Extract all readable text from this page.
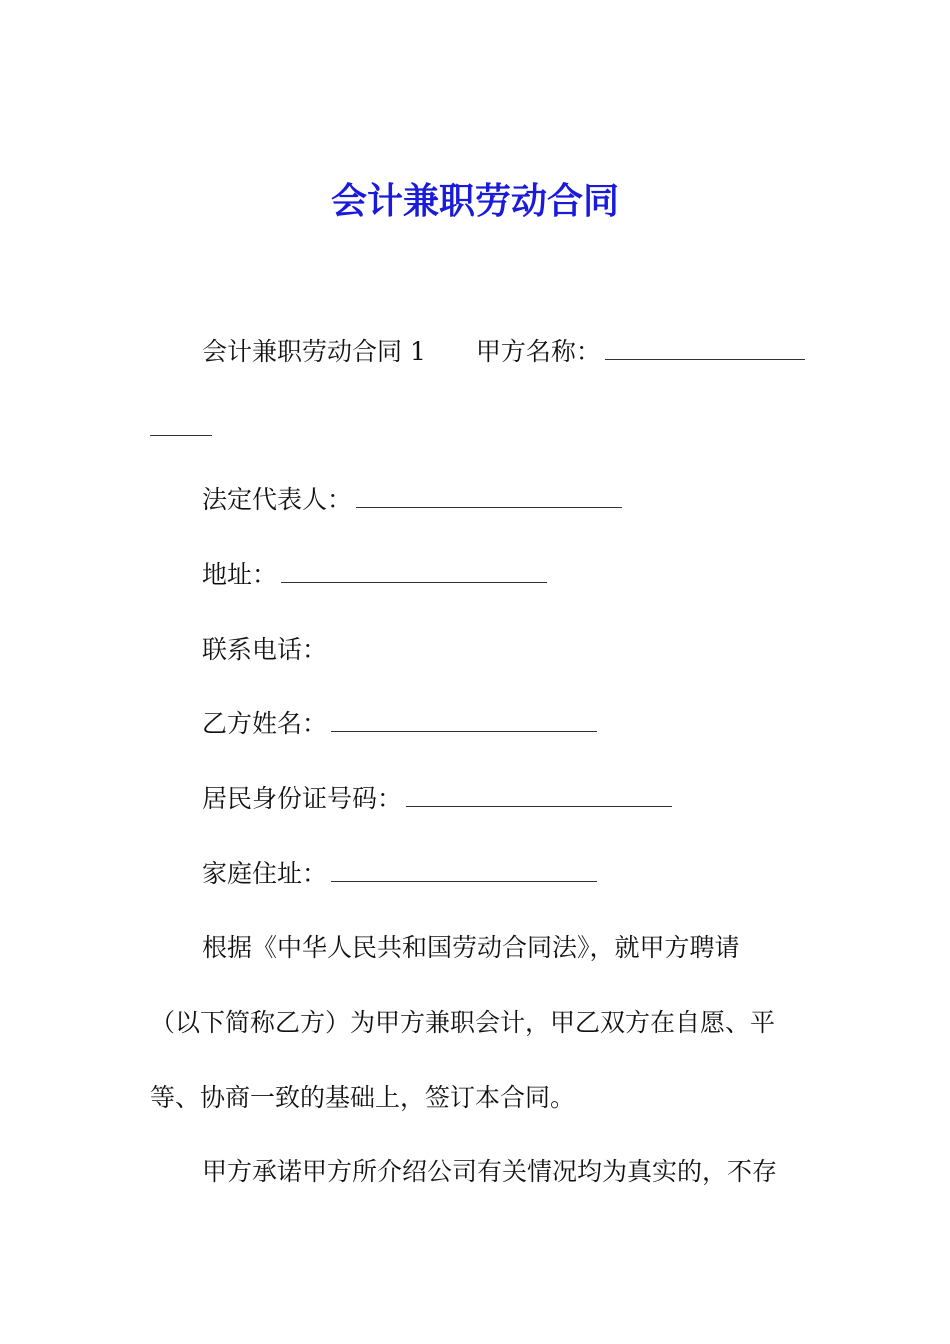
会计兼职劳动合同
会计兼职劳动合同 1 甲方名称：
法定代表人：
地址：
联系电话：
乙方姓名：
居民身份证号码：
家庭住址：
根据《中华人民共和国劳动合同法》，就甲方聘请
（以下简称乙方）为甲方兼职会计，甲乙双方在自愿、平
等、协商一致的基础上，签订本合同。
甲方承诺甲方所介绍公司有关情况均为真实的，不存
